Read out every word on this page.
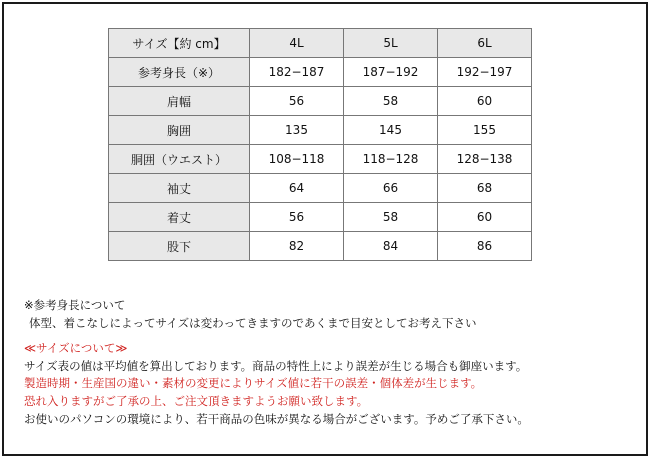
サイズ【約 cm】	4L	5L	6L
参考身長（※）	182−187	187−192	192−197
肩幅	56	58	60
胸囲	135	145	155
胴囲（ウエスト）	108−118	118−128	128−138
袖丈	64	66	68
着丈	56	58	60
股下	82	84	86

※参考身長について

体型、着こなしによってサイズは変わってきますのであくまで目安としてお考え下さい

≪サイズについて≫

サイズ表の値は平均値を算出しております。商品の特性上により誤差が生じる場合も御座います。

製造時期・生産国の違い・素材の変更によりサイズ値に若干の誤差・個体差が生じます。

恐れ入りますがご了承の上、ご注文頂きますようお願い致します。

お使いのパソコンの環境により、若干商品の色味が異なる場合がございます。予めご了承下さい。
